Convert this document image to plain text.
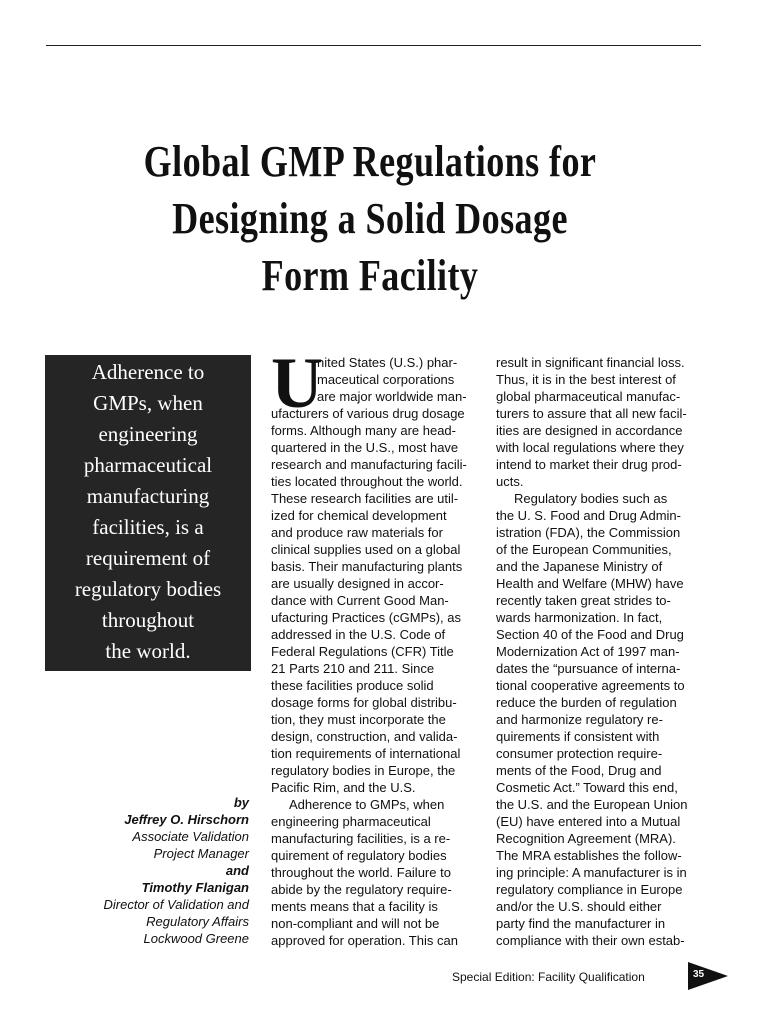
Global GMP Regulations for
Designing a Solid Dosage
Form Facility
Adherence to
GMPs, when
engineering
pharmaceutical
manufacturing
facilities, is a
requirement of
regulatory bodies
throughout
the world.
by
Jeffrey O. Hirschorn
Associate Validation
Project Manager
and
Timothy Flanigan
Director of Validation and
Regulatory Affairs
Lockwood Greene
U
nited States (U.S.) phar-
maceutical corporations
are major worldwide man-
ufacturers of various drug dosage
forms. Although many are head-
quartered in the U.S., most have
research and manufacturing facili-
ties located throughout the world.
These research facilities are util-
ized for chemical development
and produce raw materials for
clinical supplies used on a global
basis. Their manufacturing plants
are usually designed in accor-
dance with Current Good Man-
ufacturing Practices (cGMPs), as
addressed in the U.S. Code of
Federal Regulations (CFR) Title
21 Parts 210 and 211. Since
these facilities produce solid
dosage forms for global distribu-
tion, they must incorporate the
design, construction, and valida-
tion requirements of international
regulatory bodies in Europe, the
Pacific Rim, and the U.S.
Adherence to GMPs, when
engineering pharmaceutical
manufacturing facilities, is a re-
quirement of regulatory bodies
throughout the world. Failure to
abide by the regulatory require-
ments means that a facility is
non-compliant and will not be
approved for operation. This can
result in significant financial loss.
Thus, it is in the best interest of
global pharmaceutical manufac-
turers to assure that all new facil-
ities are designed in accordance
with local regulations where they
intend to market their drug prod-
ucts.
Regulatory bodies such as
the U. S. Food and Drug Admin-
istration (FDA), the Commission
of the European Communities,
and the Japanese Ministry of
Health and Welfare (MHW) have
recently taken great strides to-
wards harmonization. In fact,
Section 40 of the Food and Drug
Modernization Act of 1997 man-
dates the “pursuance of interna-
tional cooperative agreements to
reduce the burden of regulation
and harmonize regulatory re-
quirements if consistent with
consumer protection require-
ments of the Food, Drug and
Cosmetic Act.” Toward this end,
the U.S. and the European Union
(EU) have entered into a Mutual
Recognition Agreement (MRA).
The MRA establishes the follow-
ing principle: A manufacturer is in
regulatory compliance in Europe
and/or the U.S. should either
party find the manufacturer in
compliance with their own estab-
Special Edition: Facility Qualification	35
